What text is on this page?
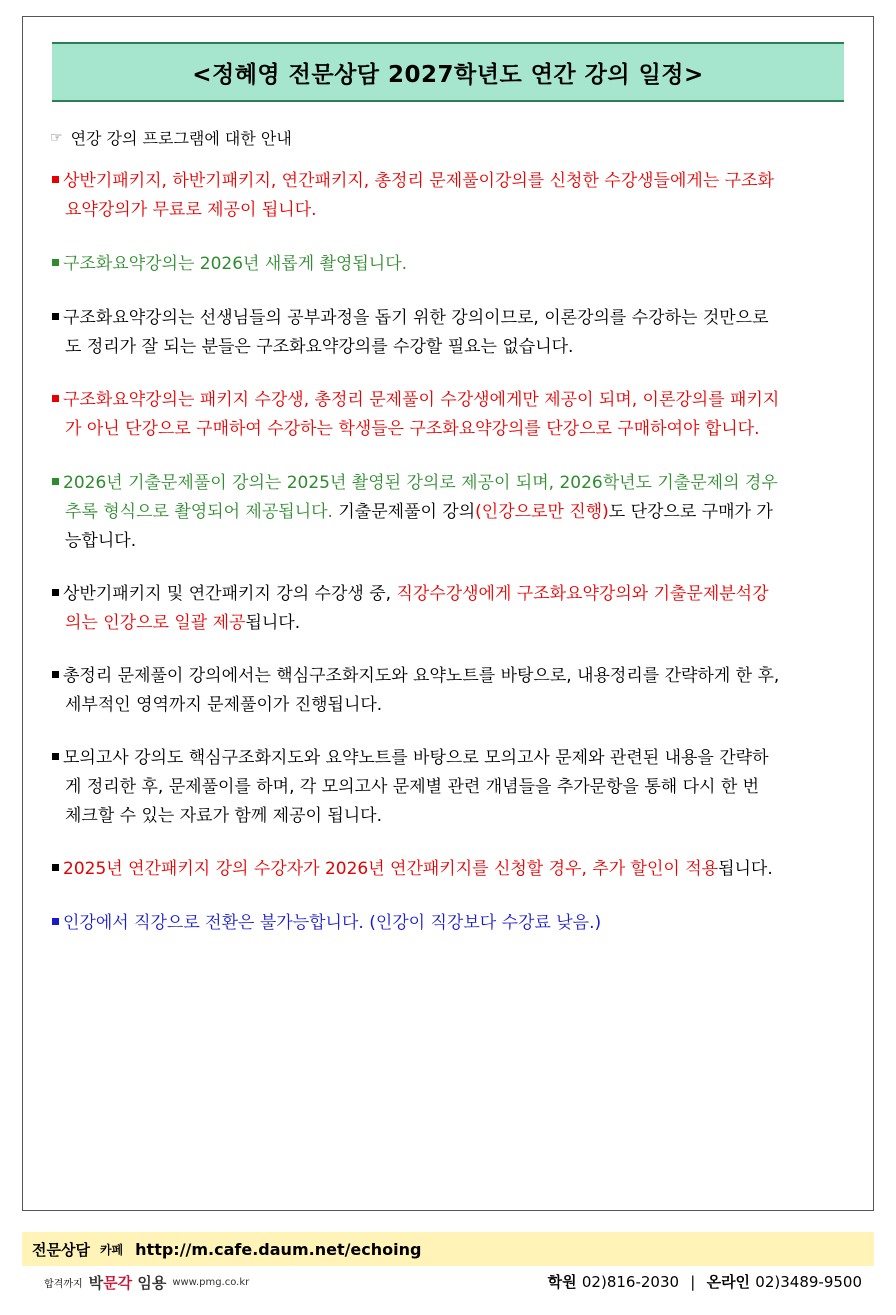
<정혜영 전문상담 2027학년도 연간 강의 일정>
☞ 연강 강의 프로그램에 대한 안내
상반기패키지, 하반기패키지, 연간패키지, 총정리 문제풀이강의를 신청한 수강생들에게는 구조화
요약강의가 무료로 제공이 됩니다.
구조화요약강의는 2026년 새롭게 촬영됩니다.
구조화요약강의는 선생님들의 공부과정을 돕기 위한 강의이므로, 이론강의를 수강하는 것만으로
도 정리가 잘 되는 분들은 구조화요약강의를 수강할 필요는 없습니다.
구조화요약강의는 패키지 수강생, 총정리 문제풀이 수강생에게만 제공이 되며, 이론강의를 패키지
가 아닌 단강으로 구매하여 수강하는 학생들은 구조화요약강의를 단강으로 구매하여야 합니다.
2026년 기출문제풀이 강의는 2025년 촬영된 강의로 제공이 되며, 2026학년도 기출문제의 경우
추록 형식으로 촬영되어 제공됩니다. 기출문제풀이 강의(인강으로만 진행)도 단강으로 구매가 가
능합니다.
상반기패키지 및 연간패키지 강의 수강생 중, 직강수강생에게 구조화요약강의와 기출문제분석강
의는 인강으로 일괄 제공됩니다.
총정리 문제풀이 강의에서는 핵심구조화지도와 요약노트를 바탕으로, 내용정리를 간략하게 한 후,
세부적인 영역까지 문제풀이가 진행됩니다.
모의고사 강의도 핵심구조화지도와 요약노트를 바탕으로 모의고사 문제와 관련된 내용을 간략하
게 정리한 후, 문제풀이를 하며, 각 모의고사 문제별 관련 개념들을 추가문항을 통해 다시 한 번
체크할 수 있는 자료가 함께 제공이 됩니다.
2025년 연간패키지 강의 수강자가 2026년 연간패키지를 신청할 경우, 추가 할인이 적용됩니다.
인강에서 직강으로 전환은 불가능합니다. (인강이 직강보다 수강료 낮음.)
전문상담 카페 http://m.cafe.daum.net/echoing
합격까지 박문각 임용 www.pmg.co.kr	학원 02)816-2030 | 온라인 02)3489-9500
